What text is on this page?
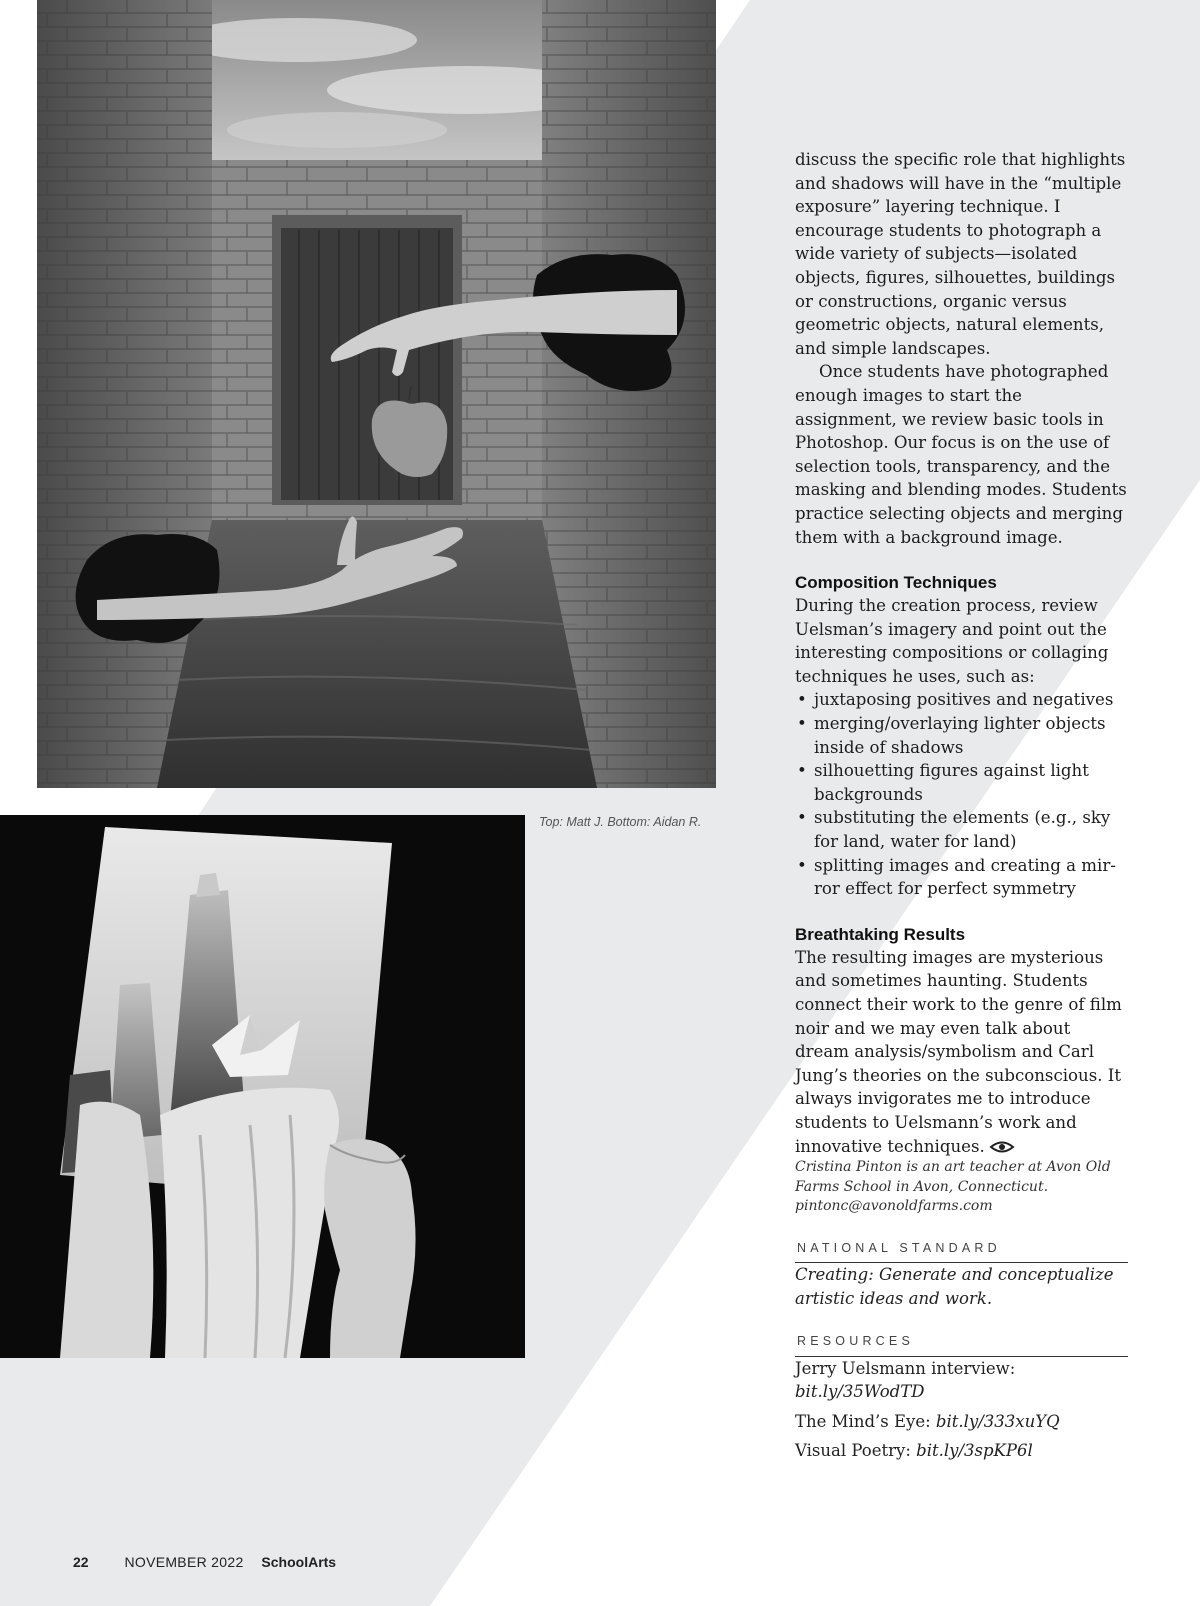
Top: Matt J. Bottom: Aidan R.

discuss the specific role that highlights and shadows will have in the “multiple exposure” layering technique. I encourage students to photograph a wide variety of subjects—isolated objects, figures, silhouettes, buildings or constructions, organic versus geometric objects, natural elements, and simple landscapes.

Once students have photographed enough images to start the assignment, we review basic tools in Photoshop. Our focus is on the use of selection tools, transparency, and the masking and blending modes. Students practice selecting objects and merging them with a background image.

Composition Techniques

During the creation process, review Uelsman’s imagery and point out the interesting compositions or collaging techniques he uses, such as:

• juxtaposing positives and negatives
• merging/overlaying lighter objects inside of shadows
• silhouetting figures against light backgrounds
• substituting the elements (e.g., sky for land, water for land)
• splitting images and creating a mirror effect for perfect symmetry
Breathtaking Results

The resulting images are mysterious and sometimes haunting. Students connect their work to the genre of film noir and we may even talk about dream analysis/symbolism and Carl Jung’s theories on the subconscious. It always invigorates me to introduce students to Uelsmann’s work and innovative techniques.

Cristina Pinton is an art teacher at Avon Old Farms School in Avon, Connecticut. pintonc@avonoldfarms.com

NATIONAL STANDARD

Creating: Generate and conceptualize artistic ideas and work.

RESOURCES

Jerry Uelsmann interview:
bit.ly/35WodTD

The Mind’s Eye: bit.ly/333xuYQ

Visual Poetry: bit.ly/3spKP6l

22	NOVEMBER 2022 SchoolArts
